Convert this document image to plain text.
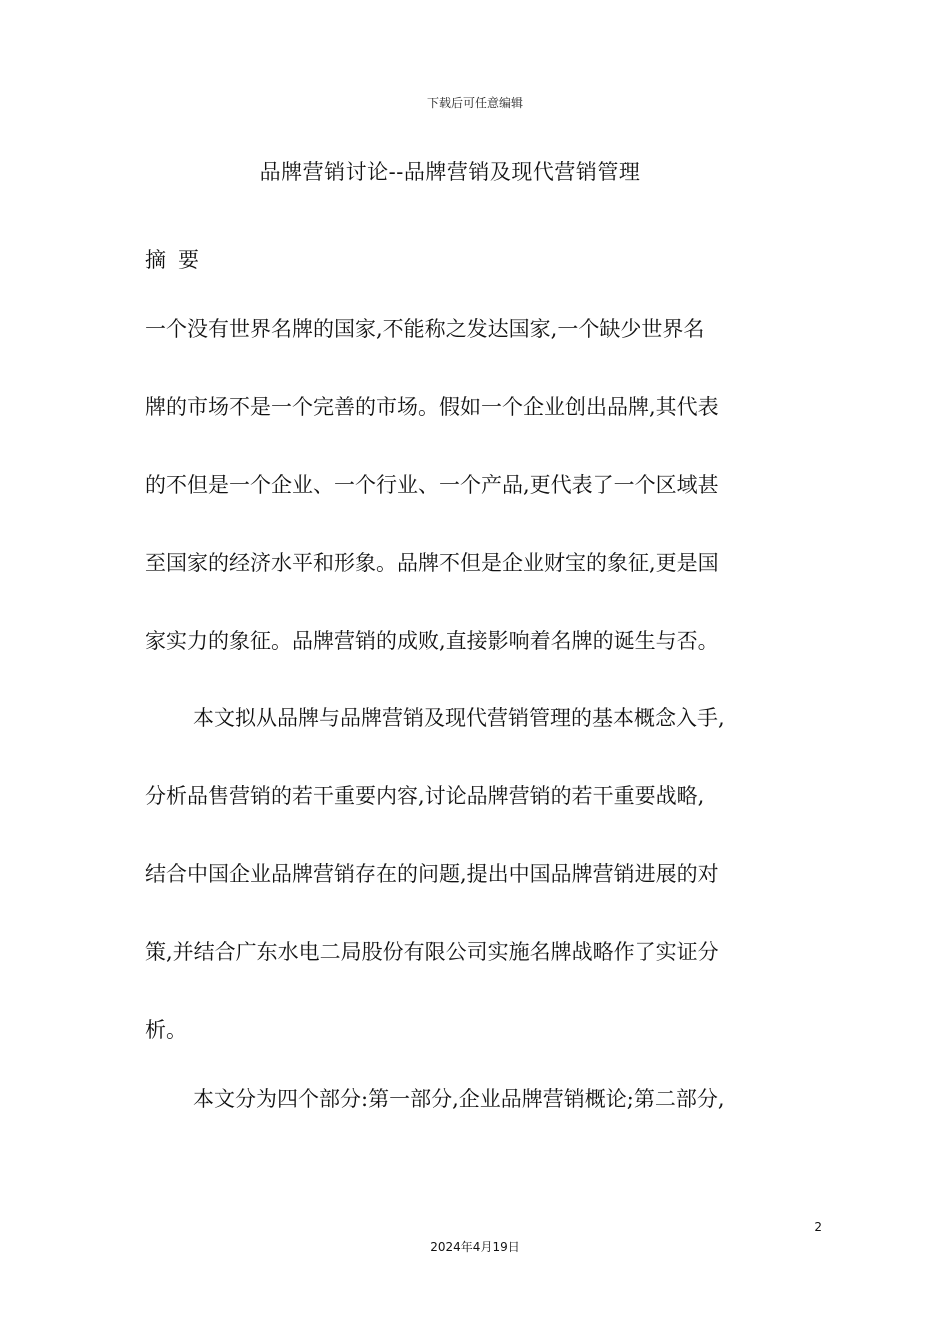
下载后可任意编辑
品牌营销讨论--品牌营销及现代营销管理
摘要
一个没有世界名牌的国家,不能称之发达国家,一个缺少世界名
牌的市场不是一个完善的市场。假如一个企业创出品牌,其代表
的不但是一个企业、一个行业、一个产品,更代表了一个区域甚
至国家的经济水平和形象。品牌不但是企业财宝的象征,更是国
家实力的象征。品牌营销的成败,直接影响着名牌的诞生与否。
本文拟从品牌与品牌营销及现代营销管理的基本概念入手,
分析品售营销的若干重要内容,讨论品牌营销的若干重要战略,
结合中国企业品牌营销存在的问题,提出中国品牌营销进展的对
策,并结合广东水电二局股份有限公司实施名牌战略作了实证分
析。
本文分为四个部分:第一部分,企业品牌营销概论;第二部分,
2
2024年4月19日
